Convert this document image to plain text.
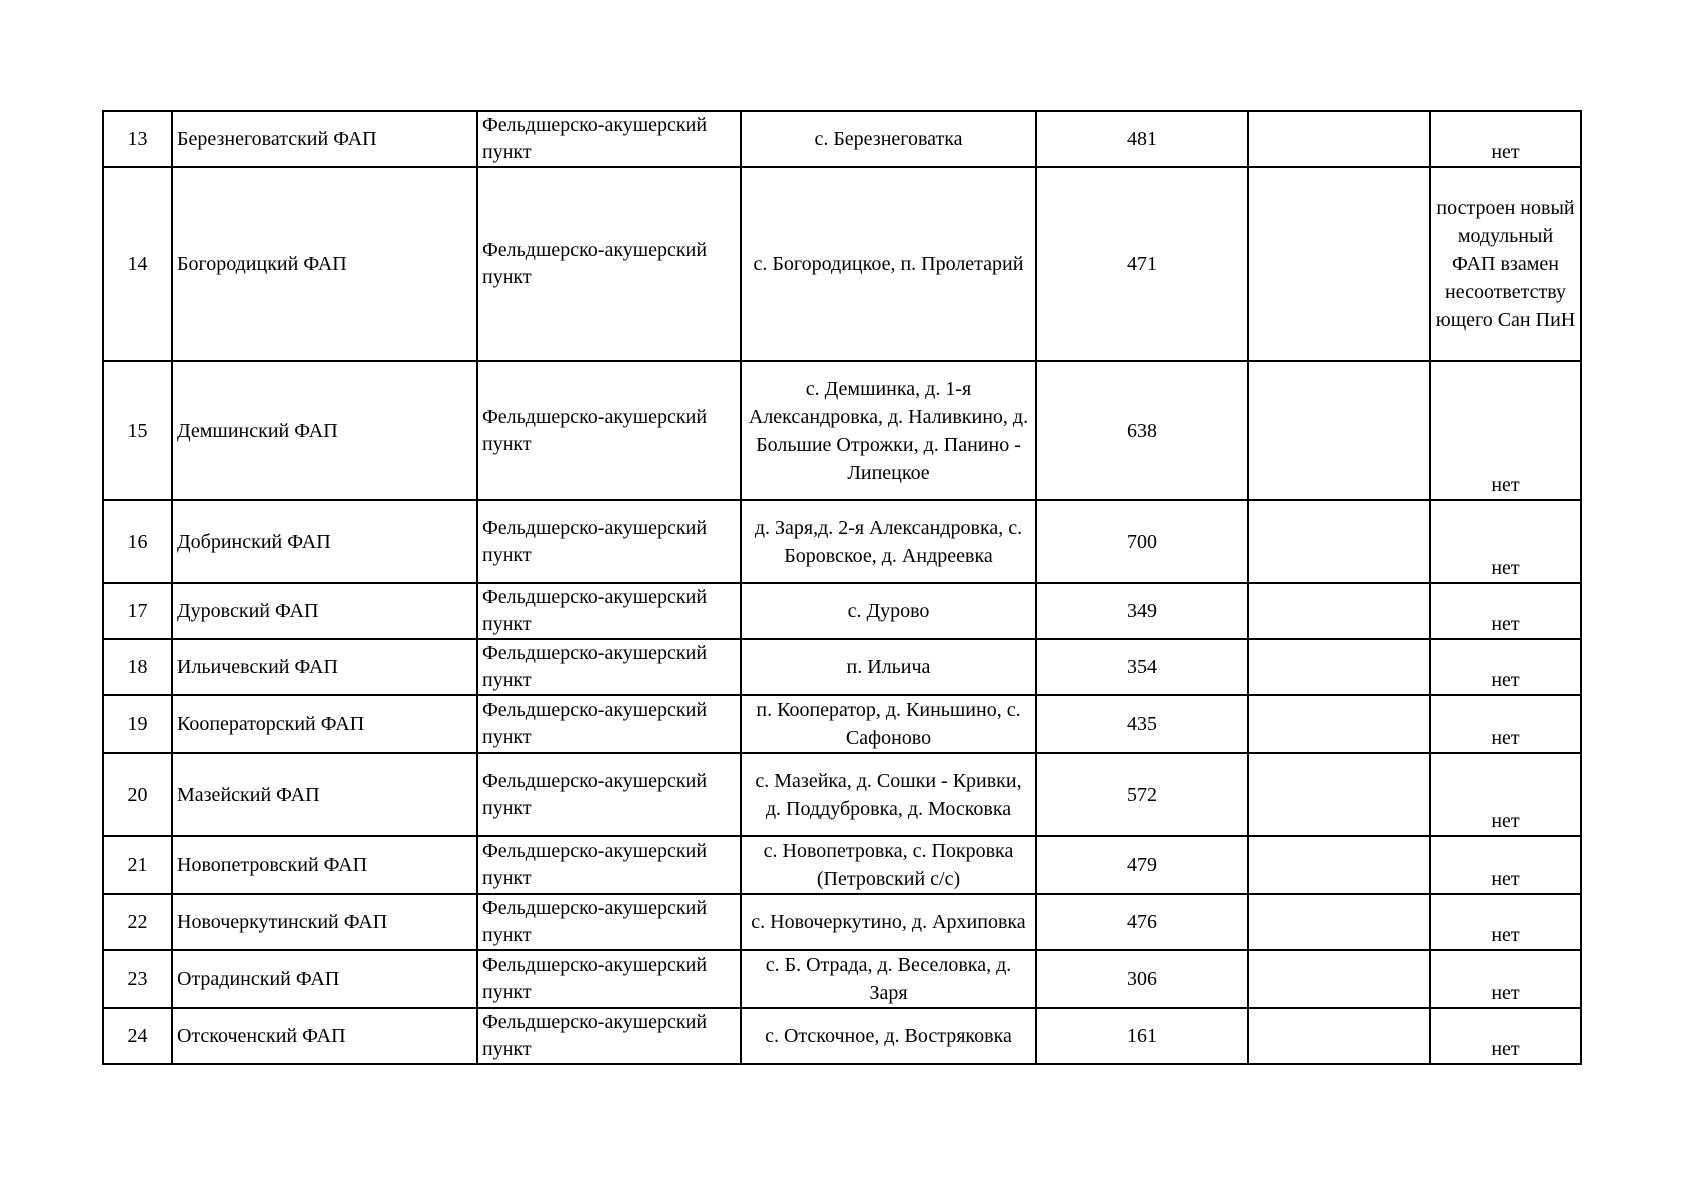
13	Березнеговатский ФАП	Фельдшерско-акушерский пункт	с. Березнеговатка	481		нет
14	Богородицкий ФАП	Фельдшерско-акушерский пункт	с. Богородицкое, п. Пролетарий	471		построен новый модульный ФАП взамен несоответству ющего Сан ПиН
15	Демшинский ФАП	Фельдшерско-акушерский пункт	с. Демшинка, д. 1-я Александровка, д. Наливкино, д. Большие Отрожки, д. Панино - Липецкое	638		нет
16	Добринский ФАП	Фельдшерско-акушерский пункт	д. Заря,д. 2-я Александровка, с. Боровское, д. Андреевка	700		нет
17	Дуровский ФАП	Фельдшерско-акушерский пункт	с. Дурово	349		нет
18	Ильичевский ФАП	Фельдшерско-акушерский пункт	п. Ильича	354		нет
19	Кооператорский ФАП	Фельдшерско-акушерский пункт	п. Кооператор, д. Киньшино, с. Сафоново	435		нет
20	Мазейский ФАП	Фельдшерско-акушерский пункт	с. Мазейка, д. Сошки - Кривки, д. Поддубровка, д. Московка	572		нет
21	Новопетровский ФАП	Фельдшерско-акушерский пункт	с. Новопетровка, с. Покровка (Петровский с/с)	479		нет
22	Новочеркутинский ФАП	Фельдшерско-акушерский пункт	с. Новочеркутино, д. Архиповка	476		нет
23	Отрадинский ФАП	Фельдшерско-акушерский пункт	с. Б. Отрада, д. Веселовка, д. Заря	306		нет
24	Отскоченский ФАП	Фельдшерско-акушерский пункт	с. Отскочное, д. Востряковка	161		нет
